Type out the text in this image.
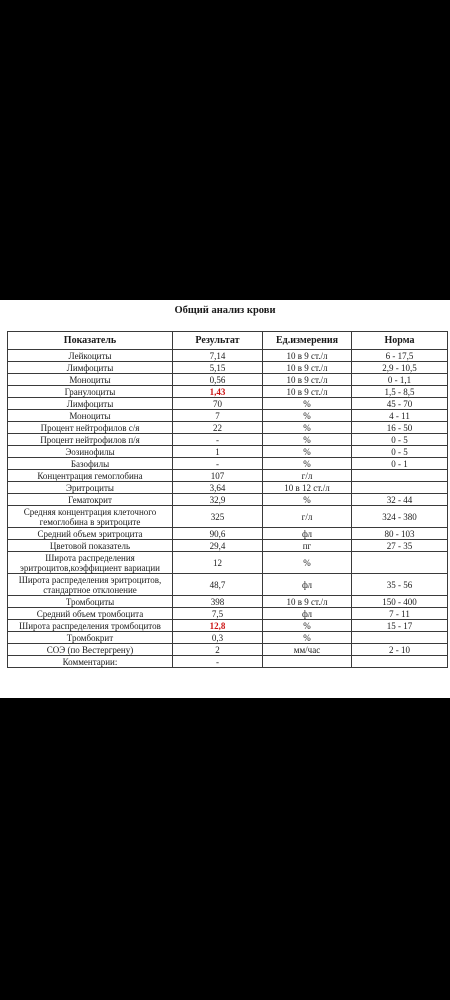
Общий анализ крови
Показатель	Результат	Ед.измерения	Норма
Лейкоциты	7,14	10 в 9 ст./л	6 - 17,5
Лимфоциты	5,15	10 в 9 ст./л	2,9 - 10,5
Моноциты	0,56	10 в 9 ст./л	0 - 1,1
Гранулоциты	1,43	10 в 9 ст./л	1,5 - 8,5
Лимфоциты	70	%	45 - 70
Моноциты	7	%	4 - 11
Процент нейтрофилов с/я	22	%	16 - 50
Процент нейтрофилов п/я	-	%	0 - 5
Эозинофилы	1	%	0 - 5
Базофилы	-	%	0 - 1
Концентрация гемоглобина	107	г/л	
Эритроциты	3,64	10 в 12 ст./л	
Гематокрит	32,9	%	32 - 44
Средняя концентрация клеточного гемоглобина в эритроците	325	г/л	324 - 380
Средний объем эритроцита	90,6	фл	80 - 103
Цветовой показатель	29,4	пг	27 - 35
Широта распределения эритроцитов,коэффициент вариации	12	%	
Широта распределения эритроцитов, стандартное отклонение	48,7	фл	35 - 56
Тромбоциты	398	10 в 9 ст./л	150 - 400
Средний объем тромбоцита	7,5	фл	7 - 11
Широта распределения тромбоцитов	12,8	%	15 - 17
Тромбокрит	0,3	%	
СОЭ (по Вестергрену)	2	мм/час	2 - 10
Комментарии:	-		
